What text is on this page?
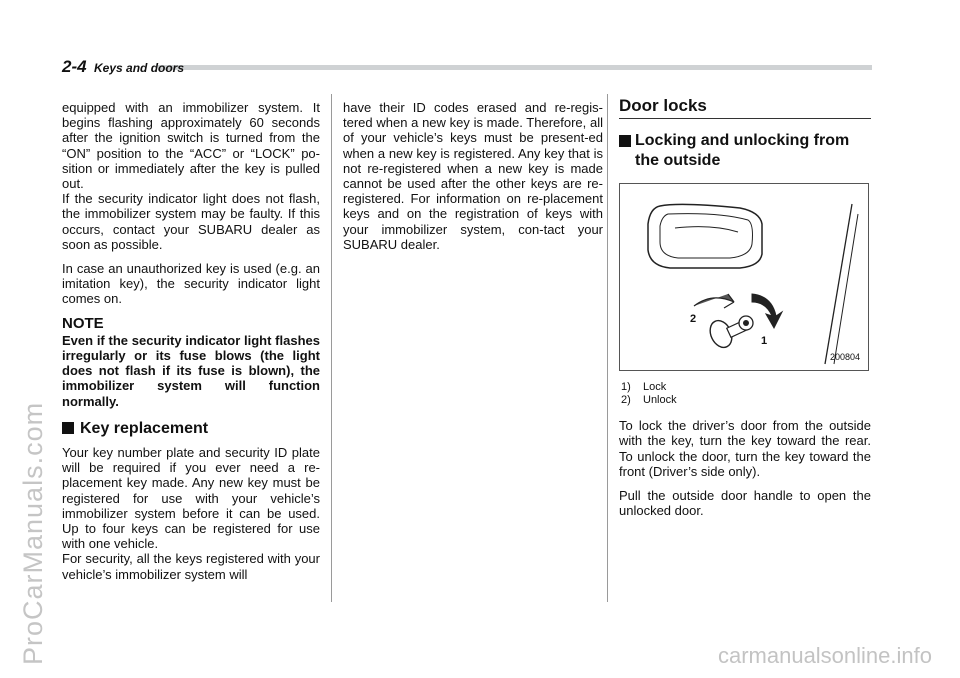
2-4 Keys and doors

equipped with an immobilizer system. It begins flashing approximately 60 seconds after the ignition switch is turned from the “ON” position to the “ACC” or “LOCK” po-sition or immediately after the key is pulled out.

If the security indicator light does not flash, the immobilizer system may be faulty. If this occurs, contact your SUBARU dealer as soon as possible.

In case an unauthorized key is used (e.g. an imitation key), the security indicator light comes on.

NOTE

Even if the security indicator light flashes irregularly or its fuse blows (the light does not flash if its fuse is blown), the immobilizer system will function normally.

Key replacement

Your key number plate and security ID plate will be required if you ever need a re-placement key made. Any new key must be registered for use with your vehicle’s immobilizer system before it can be used. Up to four keys can be registered for use with one vehicle.

For security, all the keys registered with your vehicle’s immobilizer system will

have their ID codes erased and re-regis-tered when a new key is made. Therefore, all of your vehicle’s keys must be present-ed when a new key is registered. Any key that is not re-registered when a new key is made cannot be used after the other keys are re-registered. For information on re-placement keys and on the registration of keys with your immobilizer system, con-tact your SUBARU dealer.

Door locks
Locking and unlocking from the outside
2
1
200804
1)	Lock
2)	Unlock

To lock the driver’s door from the outside with the key, turn the key toward the rear. To unlock the door, turn the key toward the front (Driver’s side only).

Pull the outside door handle to open the unlocked door.

ProCarManuals.com	carmanualsonline.info
